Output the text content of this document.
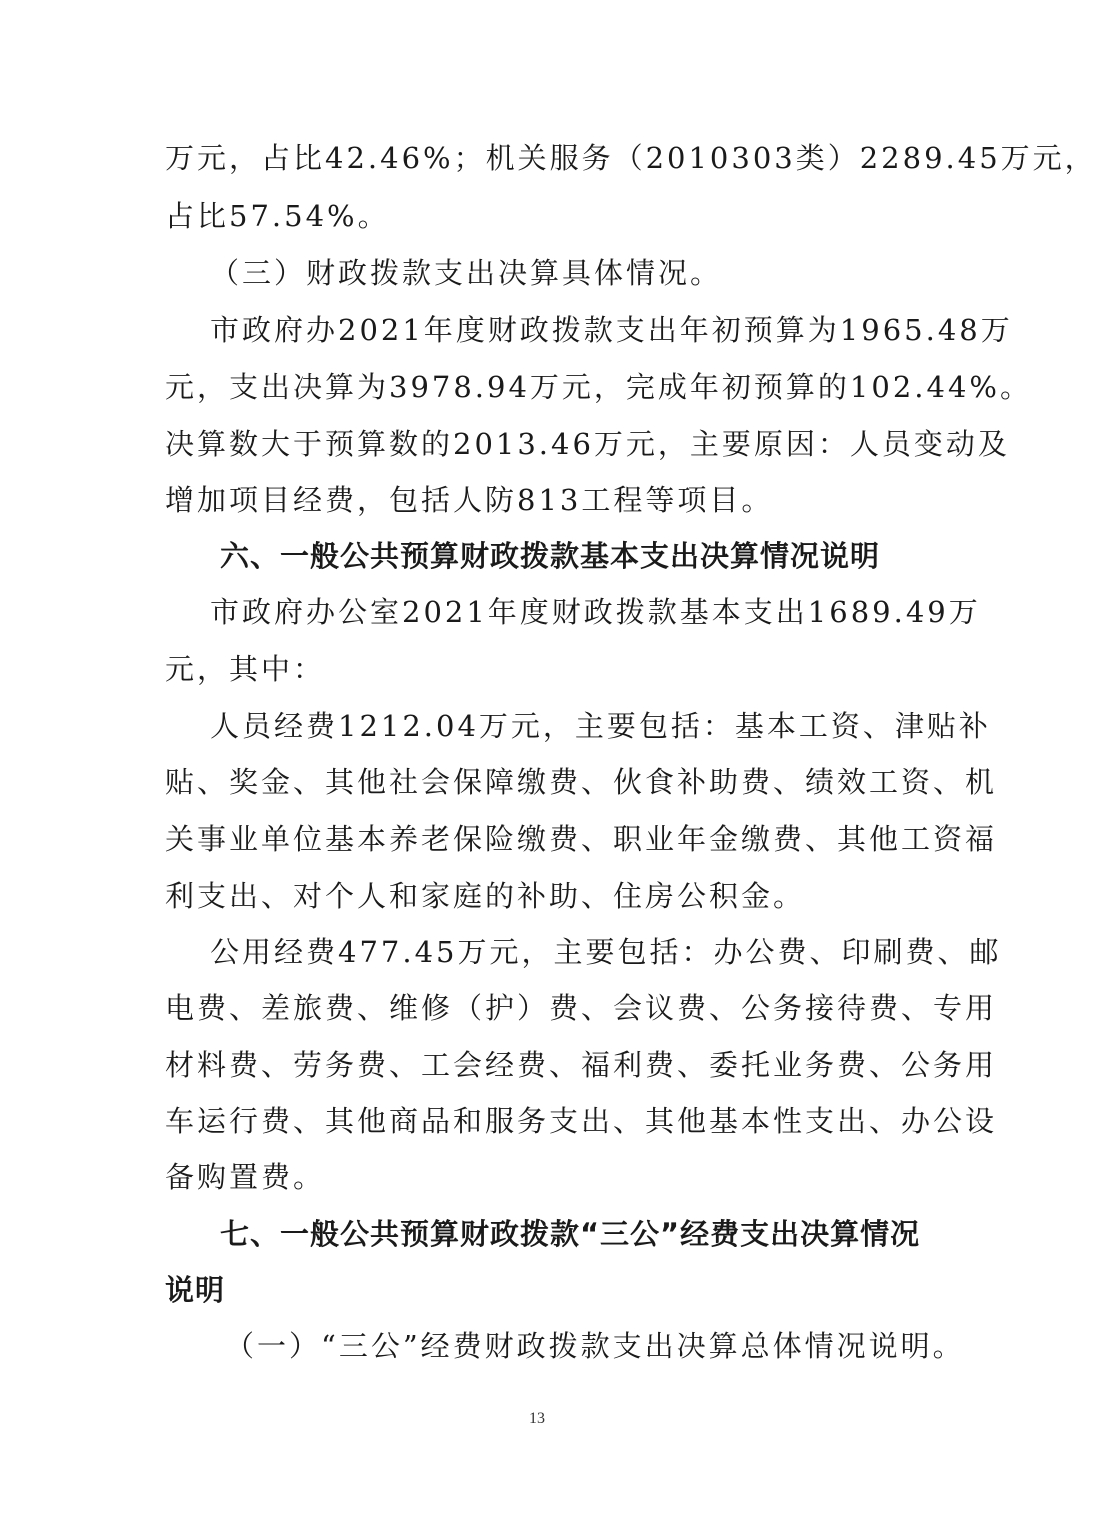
万元，占比42.46%；机关服务（2010303类）2289.45万元，
占比57.54%。
（三）财政拨款支出决算具体情况。
市政府办2021年度财政拨款支出年初预算为1965.48万
元，支出决算为3978.94万元，完成年初预算的102.44%。
决算数大于预算数的2013.46万元，主要原因：人员变动及
增加项目经费，包括人防813工程等项目。
六、一般公共预算财政拨款基本支出决算情况说明
市政府办公室2021年度财政拨款基本支出1689.49万
元，其中：
人员经费1212.04万元，主要包括：基本工资、津贴补
贴、奖金、其他社会保障缴费、伙食补助费、绩效工资、机
关事业单位基本养老保险缴费、职业年金缴费、其他工资福
利支出、对个人和家庭的补助、住房公积金。
公用经费477.45万元，主要包括：办公费、印刷费、邮
电费、差旅费、维修（护）费、会议费、公务接待费、专用
材料费、劳务费、工会经费、福利费、委托业务费、公务用
车运行费、其他商品和服务支出、其他基本性支出、办公设
备购置费。
七、一般公共预算财政拨款“三公”经费支出决算情况
说明
（一）“三公”经费财政拨款支出决算总体情况说明。
13
